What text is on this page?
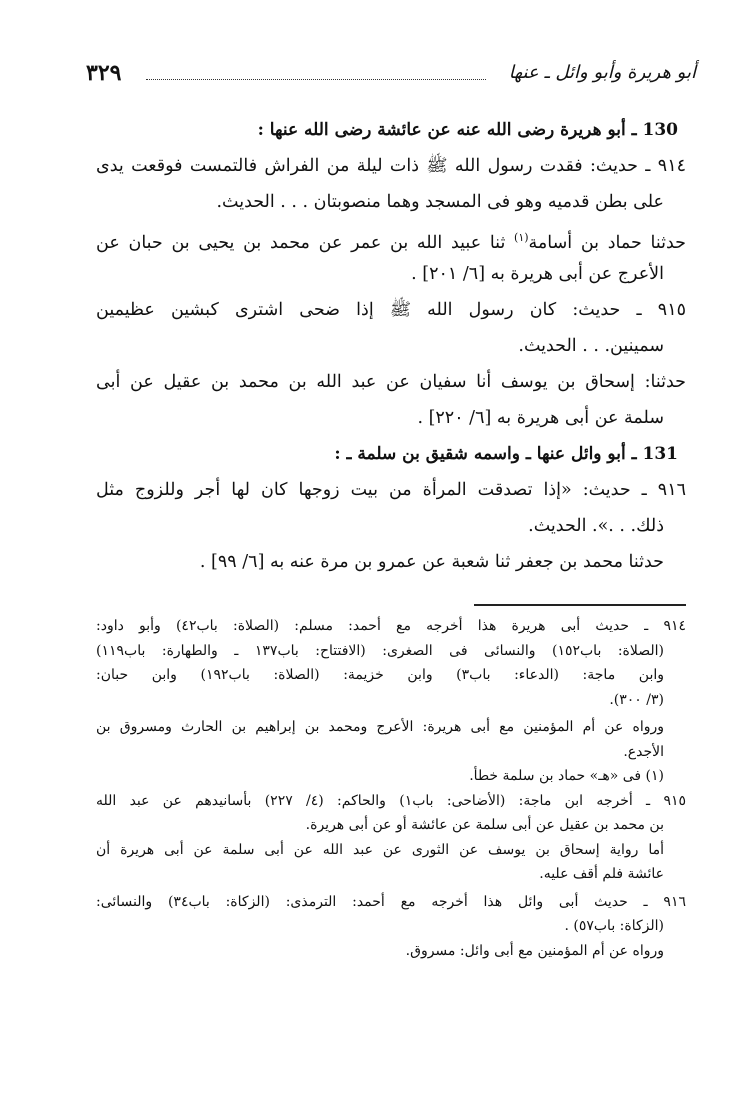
أبو هريرة وأبو وائل ـ عنها
٣٢٩
130 ـ أبو هريرة رضى الله عنه عن عائشة رضى الله عنها :
٩١٤ ـ حديث: فقدت رسول الله ﷺ ذات ليلة من الفراش فالتمست فوقعت يدى
على بطن قدميه وهو فى المسجد وهما منصوبتان . . . الحديث.
حدثنا حماد بن أسامة$^{(١)}$ ثنا عبيد الله بن عمر عن محمد بن يحيى بن حبان عن
الأعرج عن أبى هريرة به [٦/ ٢٠١] .
٩١٥ ـ حديث: كان رسول الله ﷺ إذا ضحى اشترى كبشين عظيمين
سمينين. . . الحديث.
حدثنا: إسحاق بن يوسف أنا سفيان عن عبد الله بن محمد بن عقيل عن أبى
سلمة عن أبى هريرة به [٦/ ٢٢٠] .
131 ـ أبو وائل عنها ـ واسمه شقيق بن سلمة ـ :
٩١٦ ـ حديث: «إذا تصدقت المرأة من بيت زوجها كان لها أجر وللزوج مثل
ذلك. . .». الحديث.
حدثنا محمد بن جعفر ثنا شعبة عن عمرو بن مرة عنه به [٦/ ٩٩] .
٩١٤ ـ حديث أبى هريرة هذا أخرجه مع أحمد: مسلم: (الصلاة: باب٤٢) وأبو داود:
(الصلاة: باب١٥٢) والنسائى فى الصغرى: (الافتتاح: باب١٣٧ ـ والطهارة: باب١١٩)
وابن ماجة: (الدعاء: باب٣) وابن خزيمة: (الصلاة: باب١٩٢) وابن حبان:
(٣/ ٣٠٠).
ورواه عن أم المؤمنين مع أبى هريرة: الأعرج ومحمد بن إبراهيم بن الحارث ومسروق بن
الأجدع.
(١) فى «هـ» حماد بن سلمة خطأ.
٩١٥ ـ أخرجه ابن ماجة: (الأضاحى: باب١) والحاكم: (٤/ ٢٢٧) بأسانيدهم عن عبد الله
بن محمد بن عقيل عن أبى سلمة عن عائشة أو عن أبى هريرة.
أما رواية إسحاق بن يوسف عن الثورى عن عبد الله عن أبى سلمة عن أبى هريرة أن
عائشة فلم أقف عليه.
٩١٦ ـ حديث أبى وائل هذا أخرجه مع أحمد: الترمذى: (الزكاة: باب٣٤) والنسائى:
(الزكاة: باب٥٧) .
ورواه عن أم المؤمنين مع أبى وائل: مسروق.
